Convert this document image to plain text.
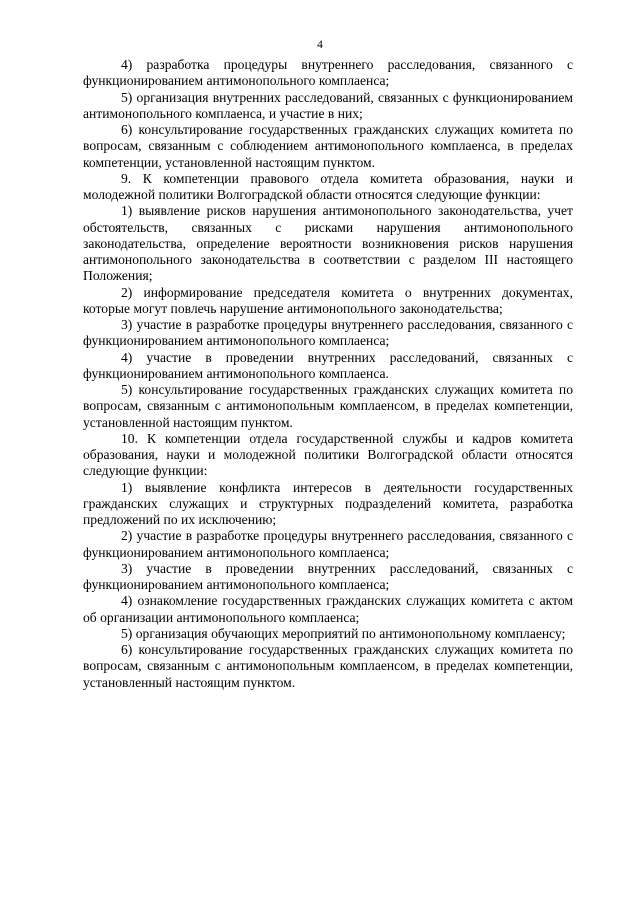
4

4) разработка процедуры внутреннего расследования, связанного с функционированием антимонопольного комплаенса;

5) организация внутренних расследований, связанных с функционированием антимонопольного комплаенса, и участие в них;

6) консультирование государственных гражданских служащих комитета по вопросам, связанным с соблюдением антимонопольного комплаенса, в пределах компетенции, установленной настоящим пунктом.

9. К компетенции правового отдела комитета образования, науки и молодежной политики Волгоградской области относятся следующие функции:

1) выявление рисков нарушения антимонопольного законодательства, учет обстоятельств, связанных с рисками нарушения антимонопольного законодательства, определение вероятности возникновения рисков нарушения антимонопольного законодательства в соответствии с разделом III настоящего Положения;

2) информирование председателя комитета о внутренних документах, которые могут повлечь нарушение антимонопольного законодательства;

3) участие в разработке процедуры внутреннего расследования, связанного с функционированием антимонопольного комплаенса;

4) участие в проведении внутренних расследований, связанных с функционированием антимонопольного комплаенса.

5) консультирование государственных гражданских служащих комитета по вопросам, связанным с антимонопольным комплаенсом, в пределах компетенции, установленной настоящим пунктом.

10. К компетенции отдела государственной службы и кадров комитета образования, науки и молодежной политики Волгоградской области относятся следующие функции:

1) выявление конфликта интересов в деятельности государственных гражданских служащих и структурных подразделений комитета, разработка предложений по их исключению;

2) участие в разработке процедуры внутреннего расследования, связанного с функционированием антимонопольного комплаенса;

3) участие в проведении внутренних расследований, связанных с функционированием антимонопольного комплаенса;

4) ознакомление государственных гражданских служащих комитета с актом об организации антимонопольного комплаенса;

5) организация обучающих мероприятий по антимонопольному комплаенсу;

6) консультирование государственных гражданских служащих комитета по вопросам, связанным с антимонопольным комплаенсом, в пределах компетенции, установленный настоящим пунктом.
